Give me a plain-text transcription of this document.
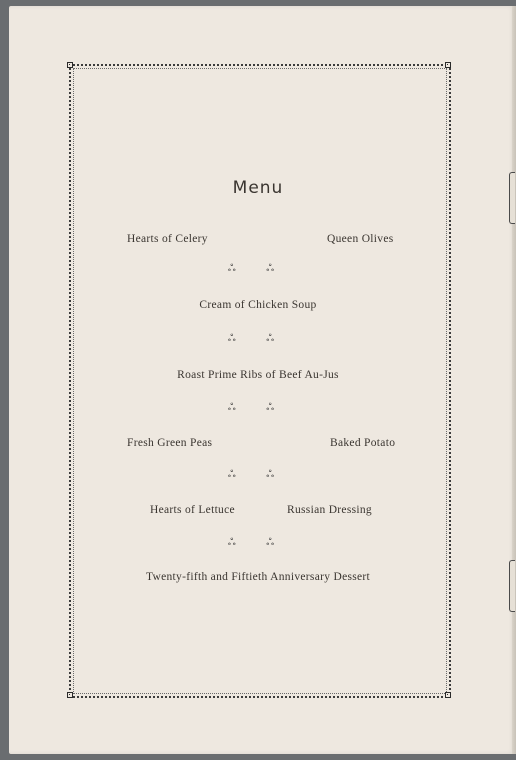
Menu
Hearts of Celery	Queen Olives
ஃ ஃ
Cream of Chicken Soup
ஃ ஃ
Roast Prime Ribs of Beef Au-Jus
ஃ ஃ
Fresh Green Peas	Baked Potato
ஃ ஃ
Hearts of Lettuce	Russian Dressing
ஃ ஃ
Twenty-fifth and Fiftieth Anniversary Dessert
